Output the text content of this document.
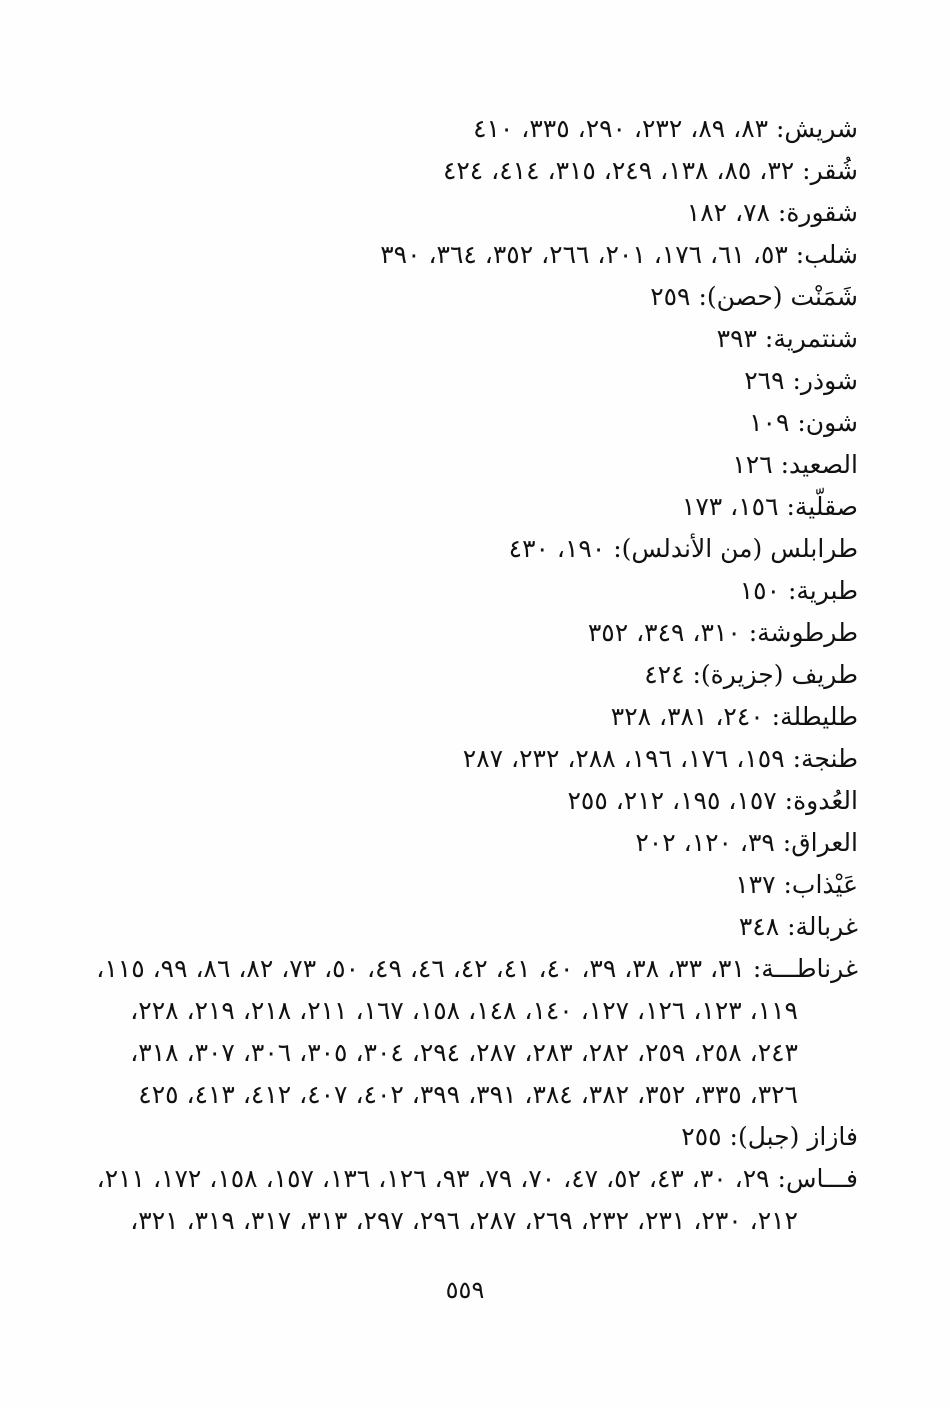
شريش : ٨٣، ٨٩، ٢٣٢، ٢٩٠، ٣٣٥، ٤١٠
شُقر : ٣٢، ٨٥، ١٣٨، ٢٤٩، ٣١٥، ٤١٤، ٤٢٤
شقورة : ٧٨، ١٨٢
شلب : ٥٣، ٦١، ١٧٦، ٢٠١، ٢٦٦، ٣٥٢، ٣٦٤، ٣٩٠
شَمَنْت (حصن) : ٢٥٩
شنتمرية : ٣٩٣
شوذر : ٢٦٩
شون : ١٠٩
الصعيد : ١٢٦
صقلّية : ١٥٦، ١٧٣
طرابلس (من الأندلس) : ١٩٠، ٤٣٠
طبرية : ١٥٠
طرطوشة : ٣١٠، ٣٤٩، ٣٥٢
طريف (جزيرة) : ٤٢٤
طليطلة : ٢٤٠، ٣٨١، ٣٢٨
طنجة : ١٥٩، ١٧٦، ١٩٦، ٢٨٨، ٢٣٢، ٢٨٧
العُدوة : ١٥٧، ١٩٥، ٢١٢، ٢٥٥
العراق : ٣٩، ١٢٠، ٢٠٢
عَيْذاب : ١٣٧
غربالة : ٣٤٨
غرناطـــة : ٣١، ٣٣، ٣٨، ٣٩، ٤٠، ٤١، ٤٢، ٤٦، ٤٩، ٥٠، ٧٣، ٨٢، ٨٦، ٩٩، ١١٥،
١١٩، ١٢٣، ١٢٦، ١٢٧، ١٤٠، ١٤٨، ١٥٨، ١٦٧، ٢١١، ٢١٨، ٢١٩، ٢٢٨،
٢٤٣، ٢٥٨، ٢٥٩، ٢٨٢، ٢٨٣، ٢٨٧، ٢٩٤، ٣٠٤، ٣٠٥، ٣٠٦، ٣٠٧، ٣١٨،
٣٢٦، ٣٣٥، ٣٥٢، ٣٨٢، ٣٨٤، ٣٩١، ٣٩٩، ٤٠٢، ٤٠٧، ٤١٢، ٤١٣، ٤٢٥
فازاز (جبل) : ٢٥٥
فـــاس : ٢٩، ٣٠، ٤٣، ٥٢، ٤٧، ٧٠، ٧٩، ٩٣، ١٢٦، ١٣٦، ١٥٧، ١٥٨، ١٧٢، ٢١١،
٢١٢، ٢٣٠، ٢٣١، ٢٣٢، ٢٦٩، ٢٨٧، ٢٩٦، ٢٩٧، ٣١٣، ٣١٧، ٣١٩، ٣٢١،
٥٥٩
